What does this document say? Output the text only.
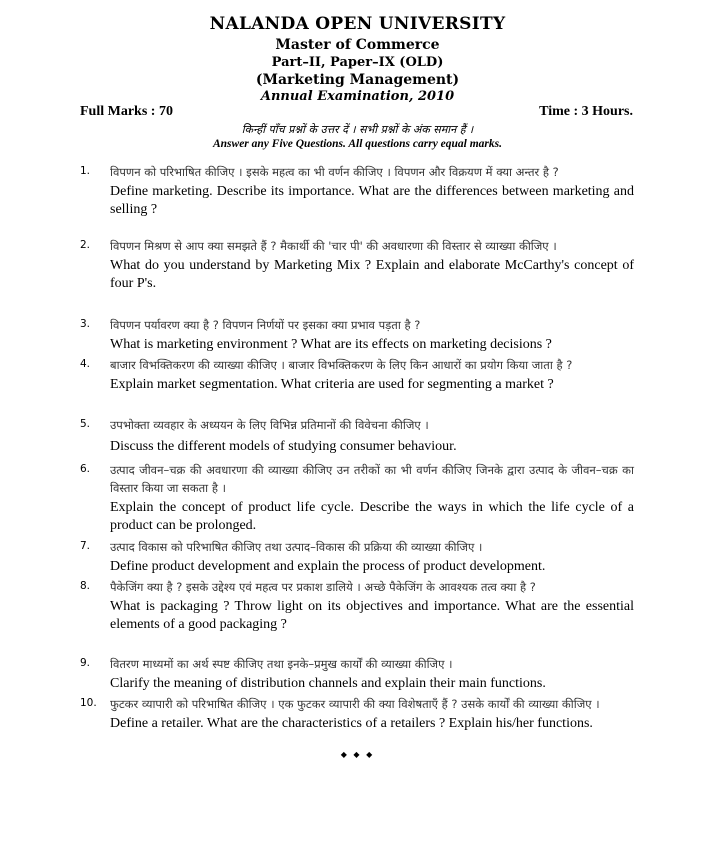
NALANDA OPEN UNIVERSITY
Master of Commerce
Part–II, Paper–IX (OLD)
(Marketing Management)
Annual Examination, 2010
Full Marks : 70	Time : 3 Hours.
किन्हीं पाँच प्रश्नों के उत्तर दें । सभी प्रश्नों के अंक समान हैं ।
Answer any Five Questions. All questions carry equal marks.
1. विपणन को परिभाषित कीजिए । इसके महत्व का भी वर्णन कीजिए । विपणन और विक्रयण में क्या अन्तर है ?
Define marketing. Describe its importance. What are the differences between marketing and selling ?
2. विपणन मिश्रण से आप क्या समझते हैं ? मैकार्थी की 'चार पी' की अवधारणा की विस्तार से व्याख्या कीजिए ।
What do you understand by Marketing Mix ? Explain and elaborate McCarthy's concept of four P's.
3. विपणन पर्यावरण क्या है ? विपणन निर्णयों पर इसका क्या प्रभाव पड़ता है ?
What is marketing environment ? What are its effects on marketing decisions ?
4. बाजार विभक्तिकरण की व्याख्या कीजिए । बाजार विभक्तिकरण के लिए किन आधारों का प्रयोग किया जाता है ?
Explain market segmentation. What criteria are used for segmenting a market ?
5. उपभोक्ता व्यवहार के अध्ययन के लिए विभिन्न प्रतिमानों की विवेचना कीजिए ।
Discuss the different models of studying consumer behaviour.
6. उत्पाद जीवन–चक्र की अवधारणा की व्याख्या कीजिए उन तरीकों का भी वर्णन कीजिए जिनके द्वारा उत्पाद के जीवन–चक्र का विस्तार किया जा सकता है ।
Explain the concept of product life cycle. Describe the ways in which the life cycle of a product can be prolonged.
7. उत्पाद विकास को परिभाषित कीजिए तथा उत्पाद–विकास की प्रक्रिया की व्याख्या कीजिए ।
Define product development and explain the process of product development.
8. पैकेजिंग क्या है ? इसके उद्देश्य एवं महत्व पर प्रकाश डालिये । अच्छे पैकेजिंग के आवश्यक तत्व क्या है ?
What is packaging ? Throw light on its objectives and importance. What are the essential elements of a good packaging ?
9. वितरण माध्यमों का अर्थ स्पष्ट कीजिए तथा इनके–प्रमुख कार्यों की व्याख्या कीजिए ।
Clarify the meaning of distribution channels and explain their main functions.
10. फुटकर व्यापारी को परिभाषित कीजिए । एक फुटकर व्यापारी की क्या विशेषताएँ हैं ? उसके कार्यों की व्याख्या कीजिए ।
Define a retailer. What are the characteristics of a retailers ? Explain his/her functions.
◆ ◆ ◆
